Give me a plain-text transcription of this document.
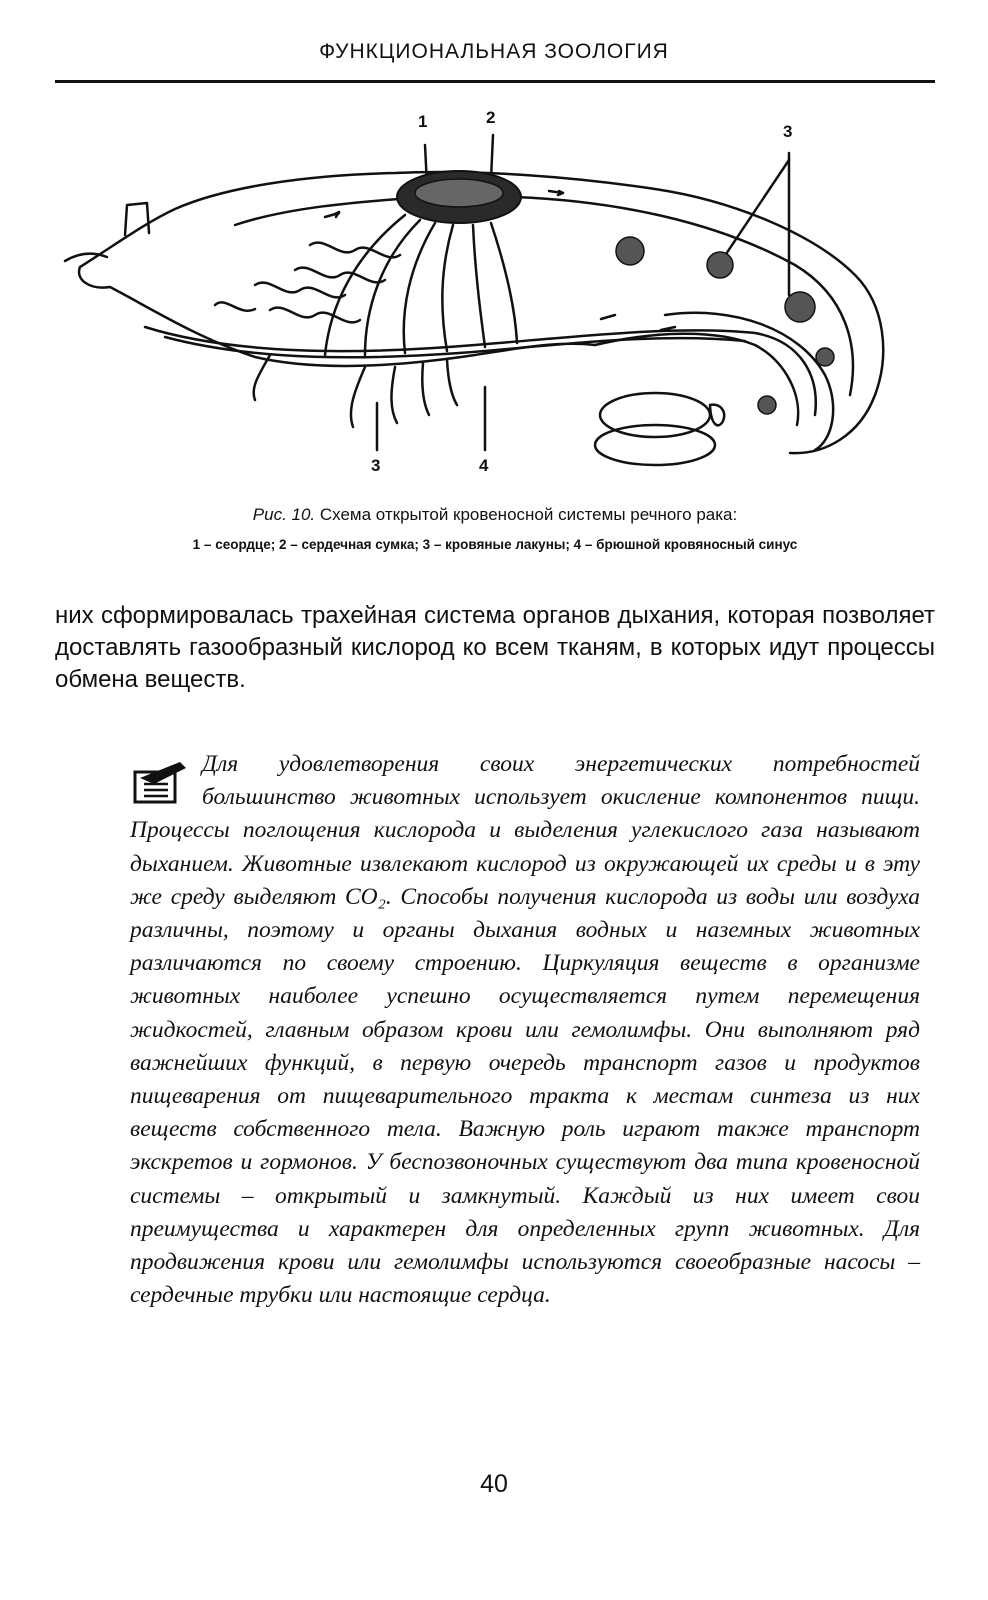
ФУНКЦИОНАЛЬНАЯ ЗООЛОГИЯ
1	2
3
3	4
Рис. 10. Схема открытой кровеносной системы речного рака:
1 – сеордце; 2 – сердечная сумка; 3 – кровяные лакуны; 4 – брюшной кровяносный синус

них сформировалась трахейная система органов дыхания, которая позволяет доставлять газообразный кислород ко всем тканям, в которых идут процессы обмена веществ.

Для удовлетворения своих энергетических потребностей большинство животных использует окисление компонентов пищи. Процессы поглощения кислорода и выделения углекислого газа называют дыханием. Животные извлекают кислород из окружающей их среды и в эту же среду выделяют CO₂. Способы получения кислорода из воды или воздуха различны, поэтому и органы дыхания водных и наземных животных различаются по своему строению. Циркуляция веществ в организме животных наиболее успешно осуществляется путем перемещения жидкостей, главным образом крови или гемолимфы. Они выполняют ряд важнейших функций, в первую очередь транспорт газов и продуктов пищеварения от пищеварительного тракта к местам синтеза из них веществ собственного тела. Важную роль играют также транспорт экскретов и гормонов. У беспозвоночных существуют два типа кровеносной системы – открытый и замкнутый. Каждый из них имеет свои преимущества и характерен для определенных групп животных. Для продвижения крови или гемолимфы используются своеобразные насосы – сердечные трубки или настоящие сердца.

40
